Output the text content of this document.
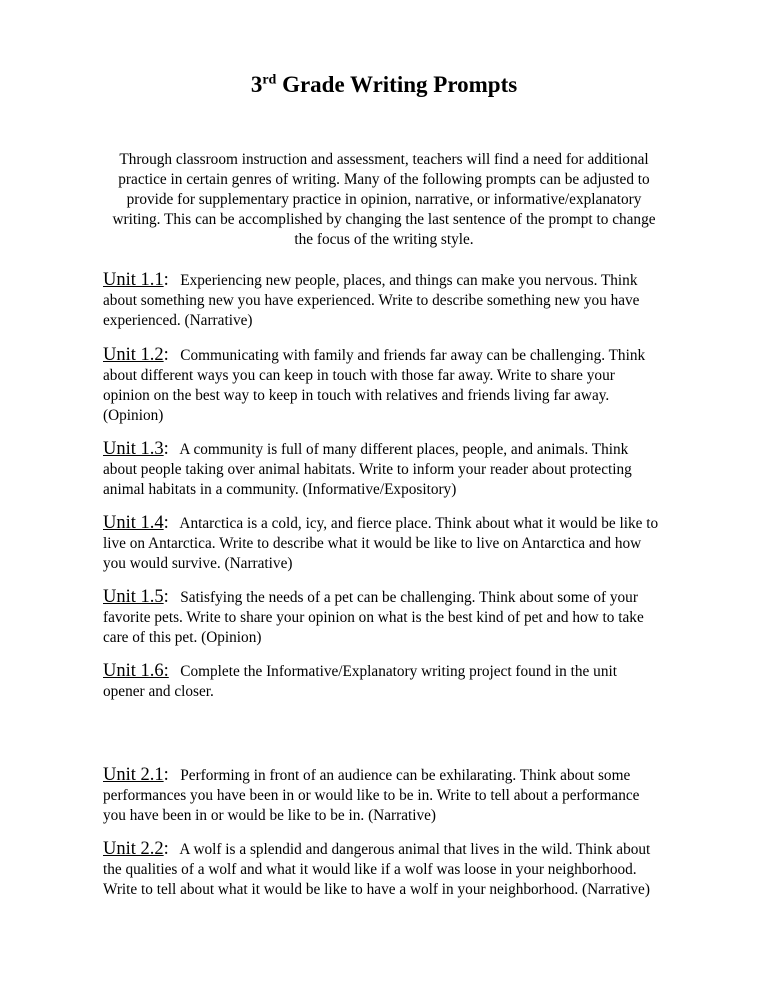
3rd Grade Writing Prompts
Through classroom instruction and assessment, teachers will find a need for additional
practice in certain genres of writing. Many of the following prompts can be adjusted to
provide for supplementary practice in opinion, narrative, or informative/explanatory
writing. This can be accomplished by changing the last sentence of the prompt to change
the focus of the writing style.
Unit 1.1: Experiencing new people, places, and things can make you nervous. Think
about something new you have experienced. Write to describe something new you have
experienced. (Narrative)
Unit 1.2: Communicating with family and friends far away can be challenging. Think
about different ways you can keep in touch with those far away. Write to share your
opinion on the best way to keep in touch with relatives and friends living far away.
(Opinion)
Unit 1.3: A community is full of many different places, people, and animals. Think
about people taking over animal habitats. Write to inform your reader about protecting
animal habitats in a community. (Informative/Expository)
Unit 1.4: Antarctica is a cold, icy, and fierce place. Think about what it would be like to
live on Antarctica. Write to describe what it would be like to live on Antarctica and how
you would survive. (Narrative)
Unit 1.5: Satisfying the needs of a pet can be challenging. Think about some of your
favorite pets. Write to share your opinion on what is the best kind of pet and how to take
care of this pet. (Opinion)
Unit 1.6: Complete the Informative/Explanatory writing project found in the unit
opener and closer.
Unit 2.1: Performing in front of an audience can be exhilarating. Think about some
performances you have been in or would like to be in. Write to tell about a performance
you have been in or would be like to be in. (Narrative)
Unit 2.2: A wolf is a splendid and dangerous animal that lives in the wild. Think about
the qualities of a wolf and what it would like if a wolf was loose in your neighborhood.
Write to tell about what it would be like to have a wolf in your neighborhood. (Narrative)
